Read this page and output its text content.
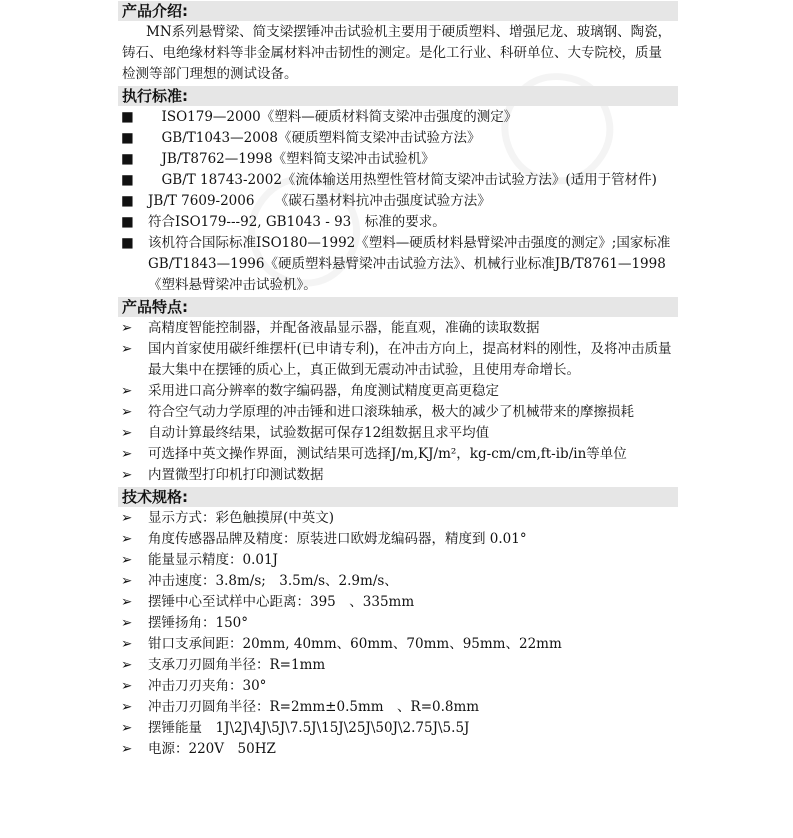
产品介绍:
MN系列悬臂梁、简支梁摆锤冲击试验机主要用于硬质塑料、增强尼龙、玻璃钢、陶瓷，铸石、电绝缘材料等非金属材料冲击韧性的测定。是化工行业、科研单位、大专院校，质量检测等部门理想的测试设备。
执行标准:
■	　ISO179—2000《塑料—硬质材料简支梁冲击强度的测定》
■	　GB/T1043—2008《硬质塑料简支梁冲击试验方法》
■	　JB/T8762—1998《塑料简支梁冲击试验机》
■	　GB/T 18743-2002《流体输送用热塑性管材简支梁冲击试验方法》(适用于管材件)
■	JB/T 7609-2006　　《碳石墨材料抗冲击强度试验方法》
■	符合ISO179---92, GB1043 - 93　标准的要求。
■	该机符合国际标准ISO180—1992《塑料—硬质材料悬臂梁冲击强度的测定》;国家标准GB/T1843—1996《硬质塑料悬臂梁冲击试验方法》、机械行业标准JB/T8761—1998《塑料悬臂梁冲击试验机》。
产品特点:
➢	高精度智能控制器，并配备液晶显示器，能直观，准确的读取数据
➢	国内首家使用碳纤维摆杆(已申请专利)，在冲击方向上，提高材料的刚性，及将冲击质量最大集中在摆锤的质心上，真正做到无震动冲击试验，且使用寿命增长。
➢	采用进口高分辨率的数字编码器，角度测试精度更高更稳定
➢	符合空气动力学原理的冲击锤和进口滚珠轴承，极大的减少了机械带来的摩擦损耗
➢	自动计算最终结果，试验数据可保存12组数据且求平均值
➢	可选择中英文操作界面，测试结果可选择J/m,KJ/m²，kg-cm/cm,ft-ib/in等单位
➢	内置微型打印机打印测试数据
技术规格:
➢	显示方式：彩色触摸屏(中英文)
➢	角度传感器品牌及精度：原装进口欧姆龙编码器，精度到 0.01°
➢	能量显示精度：0.01J
➢	冲击速度：3.8m/s;　3.5m/s、2.9m/s、
➢	摆锤中心至试样中心距离：395　、335mm
➢	摆锤扬角：150°
➢	钳口支承间距：20mm, 40mm、60mm、70mm、95mm、22mm
➢	支承刀刃圆角半径：R=1mm
➢	冲击刀刃夹角：30°
➢	冲击刀刃圆角半径：R=2mm±0.5mm　、R=0.8mm
➢	摆锤能量　1J\2J\4J\5J\7.5J\15J\25J\50J\2.75J\5.5J
➢	电源：220V　50HZ
